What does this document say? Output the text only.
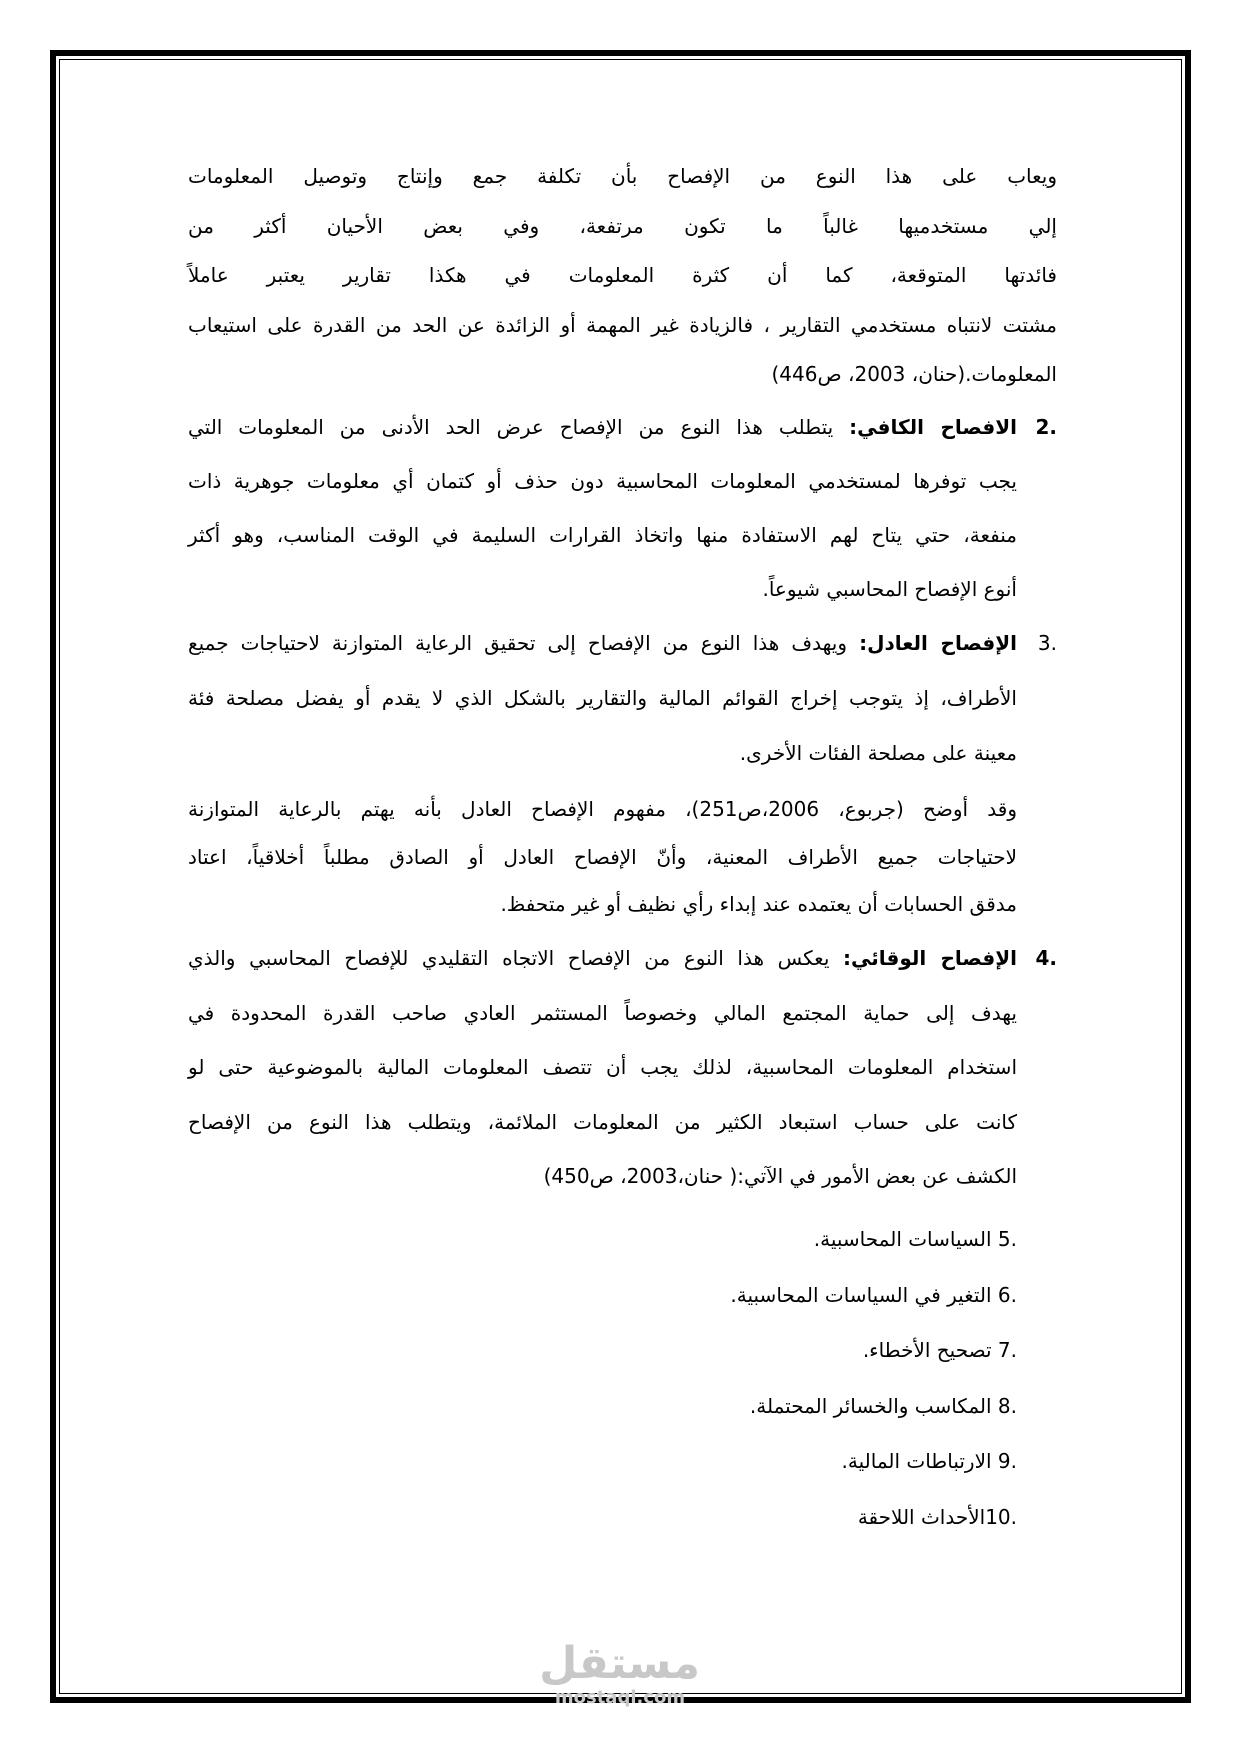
ويعاب على هذا النوع من الإفصاح بأن تكلفة جمع وإنتاج وتوصيل المعلومات
إلي مستخدميها غالباً ما تكون مرتفعة، وفي بعض الأحيان أكثر من
فائدتها المتوقعة، كما أن كثرة المعلومات في هكذا تقارير يعتبر عاملاً
مشتت لانتباه مستخدمي التقارير ، فالزيادة غير المهمة أو الزائدة عن الحد من القدرة على استيعاب
المعلومات.(حنان، 2003، ص446)
2.
الافصاح الكافي: يتطلب هذا النوع من الإفصاح عرض الحد الأدنى من المعلومات التي
يجب توفرها لمستخدمي المعلومات المحاسبية دون حذف أو كتمان أي معلومات جوهرية ذات
منفعة، حتي يتاح لهم الاستفادة منها واتخاذ القرارات السليمة في الوقت المناسب، وهو أكثر
أنوع الإفصاح المحاسبي شيوعاً.
3.
الإفصاح العادل: ويهدف هذا النوع من الإفصاح إلى تحقيق الرعاية المتوازنة لاحتياجات جميع
الأطراف، إذ يتوجب إخراج القوائم المالية والتقارير بالشكل الذي لا يقدم أو يفضل مصلحة فئة
معينة على مصلحة الفئات الأخرى.
وقد أوضح (جربوع، 2006،ص251)، مفهوم الإفصاح العادل بأنه يهتم بالرعاية المتوازنة
لاحتياجات جميع الأطراف المعنية، وأنّ الإفصاح العادل أو الصادق مطلباً أخلاقياً، اعتاد
مدقق الحسابات أن يعتمده عند إبداء رأي نظيف أو غير متحفظ.
4.
الإفصاح الوقائي: يعكس هذا النوع من الإفصاح الاتجاه التقليدي للإفصاح المحاسبي والذي
يهدف إلى حماية المجتمع المالي وخصوصاً المستثمر العادي صاحب القدرة المحدودة في
استخدام المعلومات المحاسبية، لذلك يجب أن تتصف المعلومات المالية بالموضوعية حتى لو
كانت على حساب استبعاد الكثير من المعلومات الملائمة، ويتطلب هذا النوع من الإفصاح
الكشف عن بعض الأمور في الآتي:( حنان،2003، ص450)
5. السياسات المحاسبية.
6. التغير في السياسات المحاسبية.
7. تصحيح الأخطاء.
8. المكاسب والخسائر المحتملة.
9. الارتباطات المالية.
10.الأحداث اللاحقة
مستقل
mostaql.com
